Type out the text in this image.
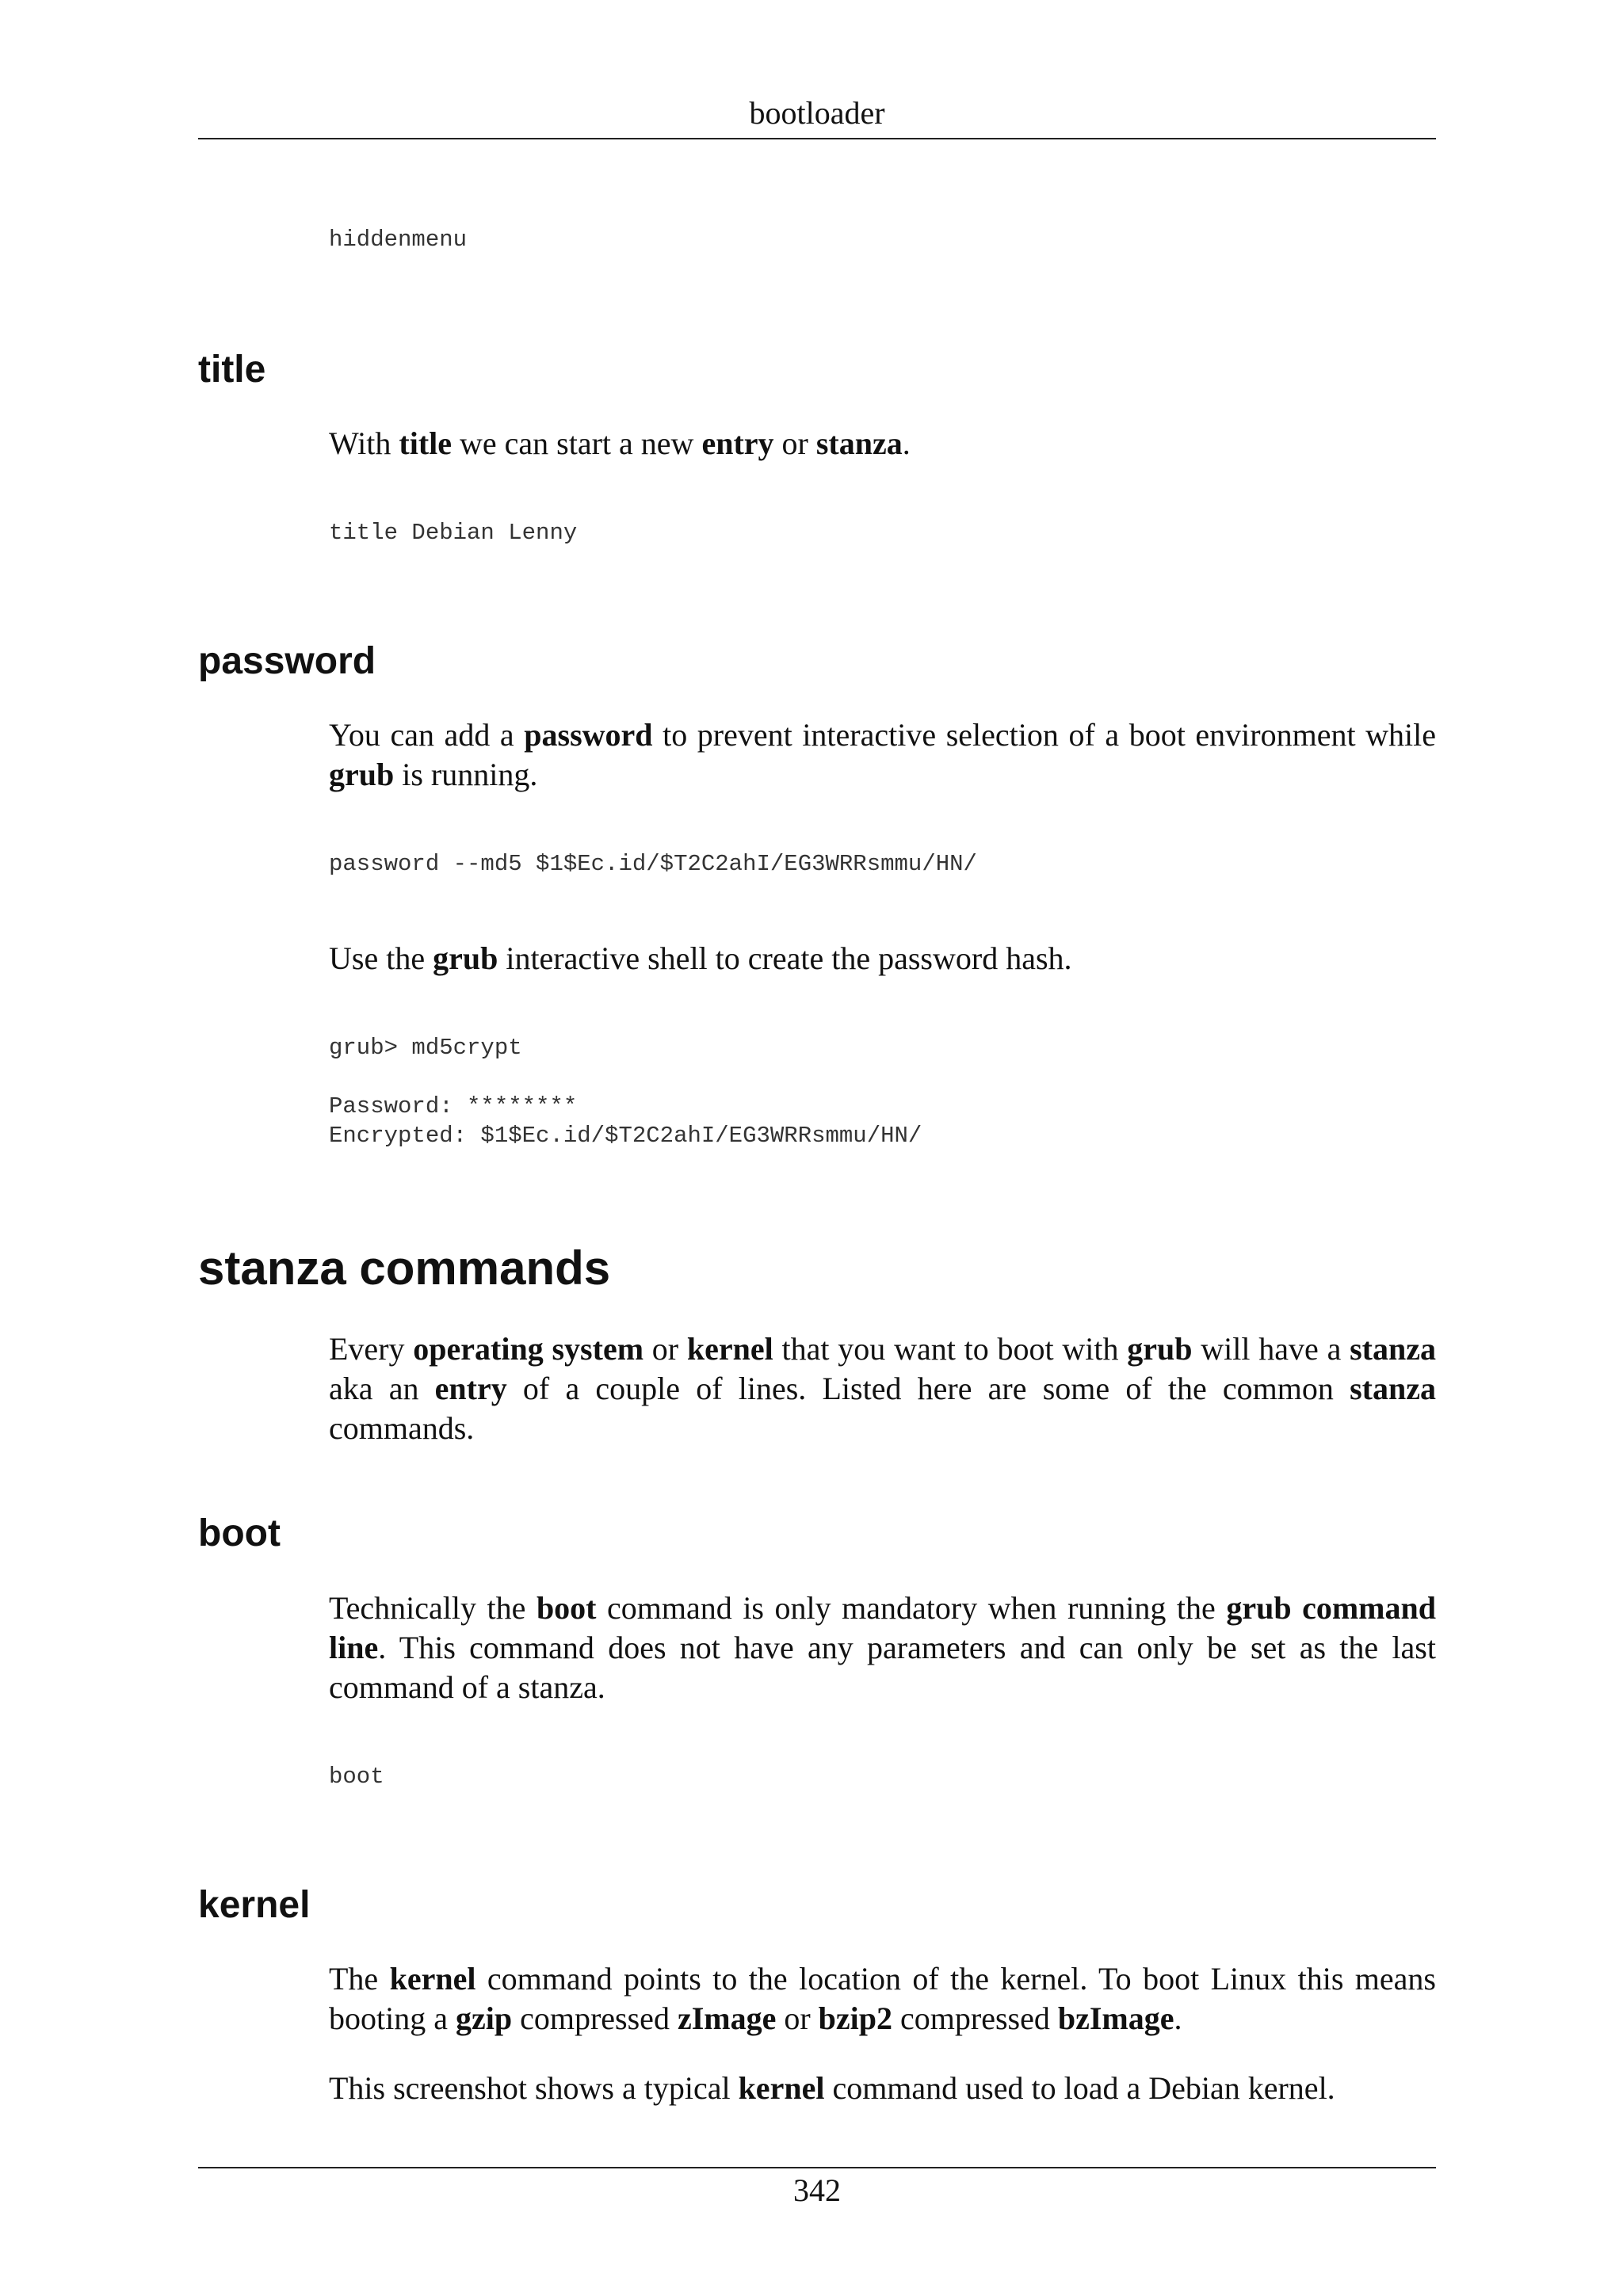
bootloader
hiddenmenu
title

With title we can start a new entry or stanza.

title Debian Lenny
password

You can add a password to prevent interactive selection of a boot environment while grub is running.

password --md5 $1$Ec.id/$T2C2ahI/EG3WRRsmmu/HN/

Use the grub interactive shell to create the password hash.

grub> md5crypt

Password: ********
Encrypted: $1$Ec.id/$T2C2ahI/EG3WRRsmmu/HN/
stanza commands

Every operating system or kernel that you want to boot with grub will have a stanza aka an entry of a couple of lines. Listed here are some of the common stanza commands.

boot

Technically the boot command is only mandatory when running the grub command line. This command does not have any parameters and can only be set as the last command of a stanza.

boot
kernel

The kernel command points to the location of the kernel. To boot Linux this means booting a gzip compressed zImage or bzip2 compressed bzImage.

This screenshot shows a typical kernel command used to load a Debian kernel.

342
